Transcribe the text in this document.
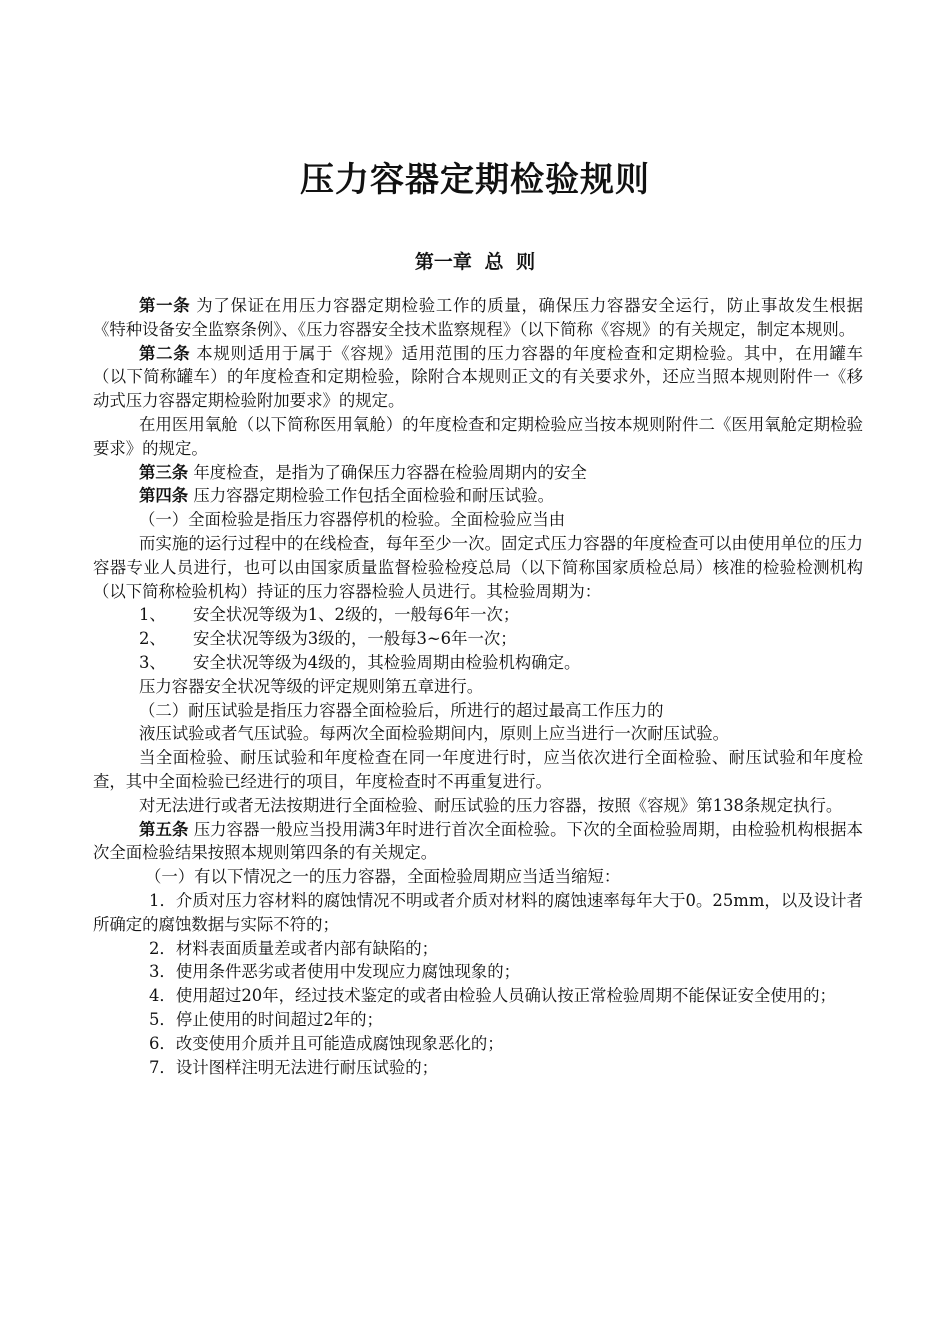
压力容器定期检验规则
第一章 总 则

第一条 为了保证在用压力容器定期检验工作的质量，确保压力容器安全运行，防止事故发生根据《特种设备安全监察条例》、《压力容器安全技术监察规程》（以下简称《容规》的有关规定，制定本规则。

第二条 本规则适用于属于《容规》适用范围的压力容器的年度检查和定期检验。其中，在用罐车（以下简称罐车）的年度检查和定期检验，除附合本规则正文的有关要求外，还应当照本规则附件一《移动式压力容器定期检验附加要求》的规定。

在用医用氧舱（以下简称医用氧舱）的年度检查和定期检验应当按本规则附件二《医用氧舱定期检验要求》的规定。

第三条 年度检查，是指为了确保压力容器在检验周期内的安全

第四条 压力容器定期检验工作包括全面检验和耐压试验。

（一）全面检验是指压力容器停机的检验。全面检验应当由

而实施的运行过程中的在线检查，每年至少一次。固定式压力容器的年度检查可以由使用单位的压力容器专业人员进行，也可以由国家质量监督检验检疫总局（以下简称国家质检总局）核准的检验检测机构（以下简称检验机构）持证的压力容器检验人员进行。其检验周期为：

1、	安全状况等级为1、2级的，一般每6年一次；
2、	安全状况等级为3级的，一般每3~6年一次；
3、	安全状况等级为4级的，其检验周期由检验机构确定。

压力容器安全状况等级的评定规则第五章进行。

（二）耐压试验是指压力容器全面检验后，所进行的超过最高工作压力的

液压试验或者气压试验。每两次全面检验期间内，原则上应当进行一次耐压试验。

当全面检验、耐压试验和年度检查在同一年度进行时，应当依次进行全面检验、耐压试验和年度检查，其中全面检验已经进行的项目，年度检查时不再重复进行。

对无法进行或者无法按期进行全面检验、耐压试验的压力容器，按照《容规》第138条规定执行。

第五条 压力容器一般应当投用满3年时进行首次全面检验。下次的全面检验周期，由检验机构根据本次全面检验结果按照本规则第四条的有关规定。

（一）有以下情况之一的压力容器，全面检验周期应当适当缩短：

1．介质对压力容材料的腐蚀情况不明或者介质对材料的腐蚀速率每年大于0。25mm，以及设计者所确定的腐蚀数据与实际不符的；

2．材料表面质量差或者内部有缺陷的；

3．使用条件恶劣或者使用中发现应力腐蚀现象的；

4．使用超过20年，经过技术鉴定的或者由检验人员确认按正常检验周期不能保证安全使用的；

5．停止使用的时间超过2年的；

6．改变使用介质并且可能造成腐蚀现象恶化的；

7．设计图样注明无法进行耐压试验的；
